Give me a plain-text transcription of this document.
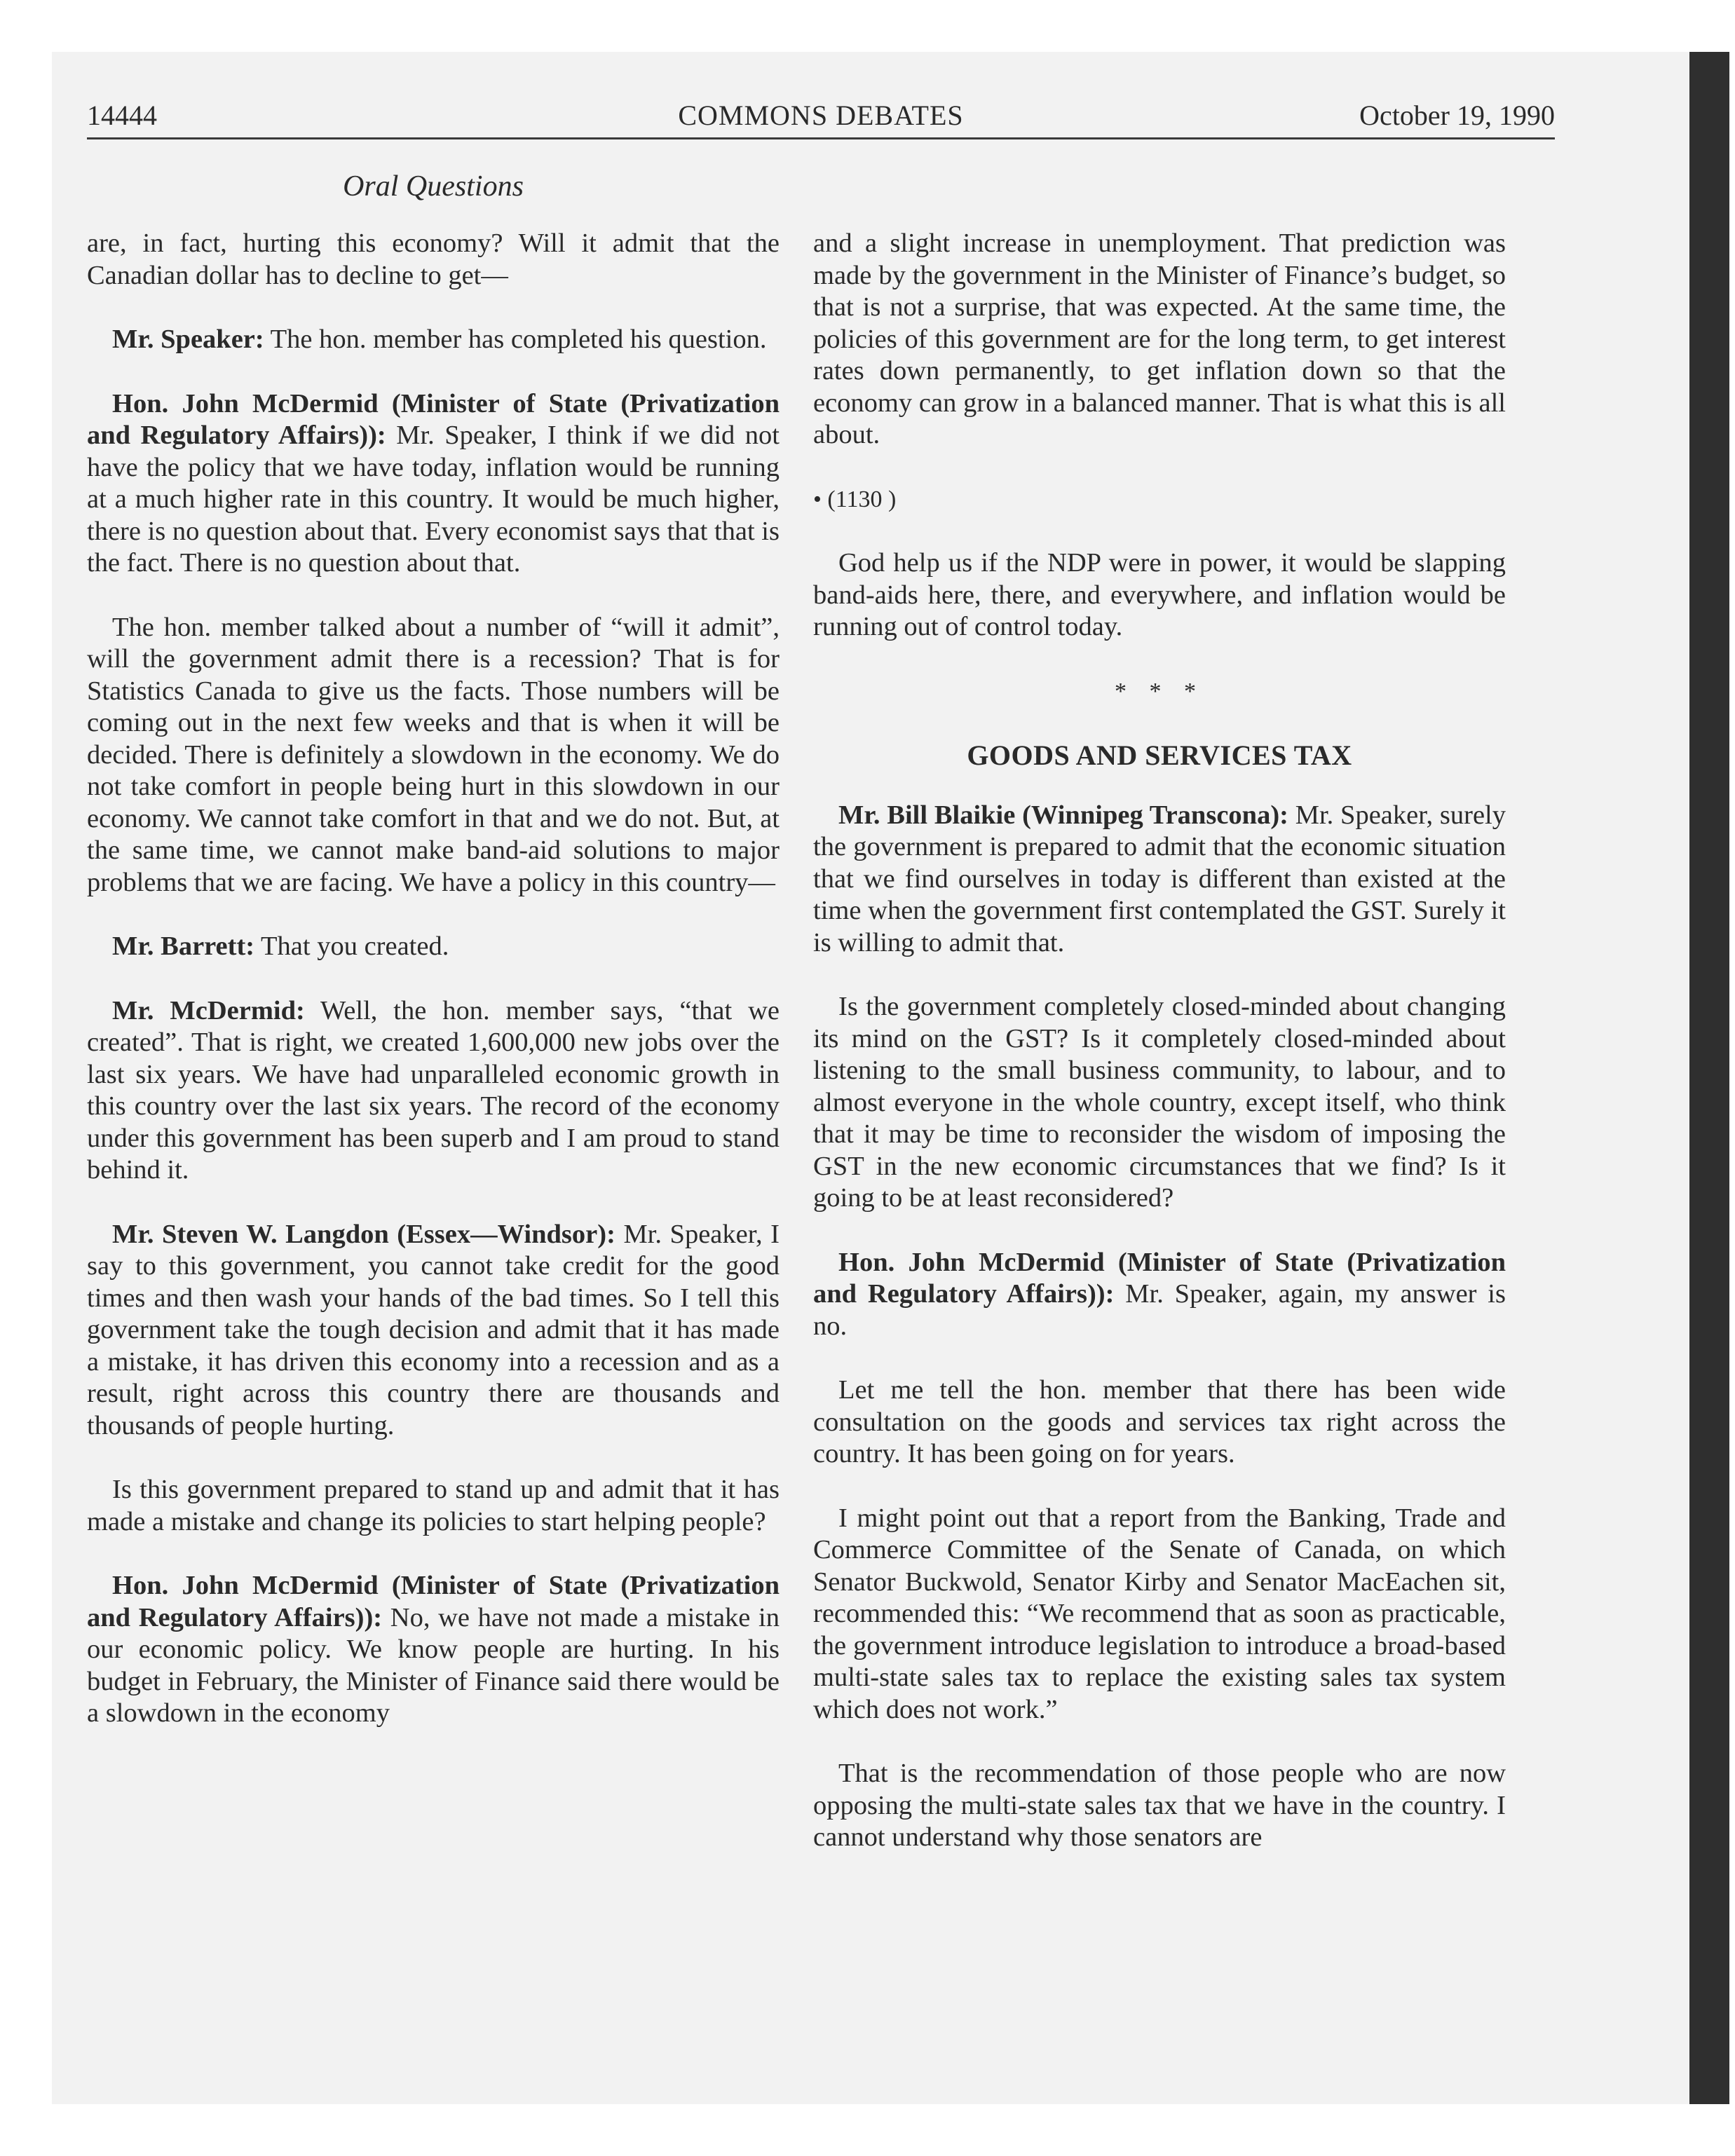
14444	COMMONS DEBATES	October 19, 1990
Oral Questions

are, in fact, hurting this economy? Will it admit that the Canadian dollar has to decline to get—

Mr. Speaker: The hon. member has completed his question.

Hon. John McDermid (Minister of State (Privatization and Regulatory Affairs)): Mr. Speaker, I think if we did not have the policy that we have today, inflation would be running at a much higher rate in this country. It would be much higher, there is no question about that. Every economist says that that is the fact. There is no question about that.

The hon. member talked about a number of “will it admit”, will the government admit there is a recession? That is for Statistics Canada to give us the facts. Those numbers will be coming out in the next few weeks and that is when it will be decided. There is definitely a slowdown in the economy. We do not take comfort in people being hurt in this slowdown in our economy. We cannot take comfort in that and we do not. But, at the same time, we cannot make band-aid solutions to major problems that we are facing. We have a policy in this country—

Mr. Barrett: That you created.

Mr. McDermid: Well, the hon. member says, “that we created”. That is right, we created 1,600,000 new jobs over the last six years. We have had unparalleled economic growth in this country over the last six years. The record of the economy under this government has been superb and I am proud to stand behind it.

Mr. Steven W. Langdon (Essex—Windsor): Mr. Speaker, I say to this government, you cannot take credit for the good times and then wash your hands of the bad times. So I tell this government take the tough decision and admit that it has made a mistake, it has driven this economy into a recession and as a result, right across this country there are thousands and thousands of people hurting.

Is this government prepared to stand up and admit that it has made a mistake and change its policies to start helping people?

Hon. John McDermid (Minister of State (Privatization and Regulatory Affairs)): No, we have not made a mistake in our economic policy. We know people are hurting. In his budget in February, the Minister of Finance said there would be a slowdown in the economy

and a slight increase in unemployment. That prediction was made by the government in the Minister of Finance’s budget, so that is not a surprise, that was expected. At the same time, the policies of this government are for the long term, to get interest rates down permanently, to get inflation down so that the economy can grow in a balanced manner. That is what this is all about.

• (1130 )

God help us if the NDP were in power, it would be slapping band-aids here, there, and everywhere, and inflation would be running out of control today.

* * *
GOODS AND SERVICES TAX

Mr. Bill Blaikie (Winnipeg Transcona): Mr. Speaker, surely the government is prepared to admit that the economic situation that we find ourselves in today is different than existed at the time when the government first contemplated the GST. Surely it is willing to admit that.

Is the government completely closed-minded about changing its mind on the GST? Is it completely closed-minded about listening to the small business community, to labour, and to almost everyone in the whole country, except itself, who think that it may be time to reconsider the wisdom of imposing the GST in the new economic circumstances that we find? Is it going to be at least reconsidered?

Hon. John McDermid (Minister of State (Privatization and Regulatory Affairs)): Mr. Speaker, again, my answer is no.

Let me tell the hon. member that there has been wide consultation on the goods and services tax right across the country. It has been going on for years.

I might point out that a report from the Banking, Trade and Commerce Committee of the Senate of Canada, on which Senator Buckwold, Senator Kirby and Senator MacEachen sit, recommended this: “We recommend that as soon as practicable, the government introduce legislation to introduce a broad-based multi-state sales tax to replace the existing sales tax system which does not work.”

That is the recommendation of those people who are now opposing the multi-state sales tax that we have in the country. I cannot understand why those senators are
